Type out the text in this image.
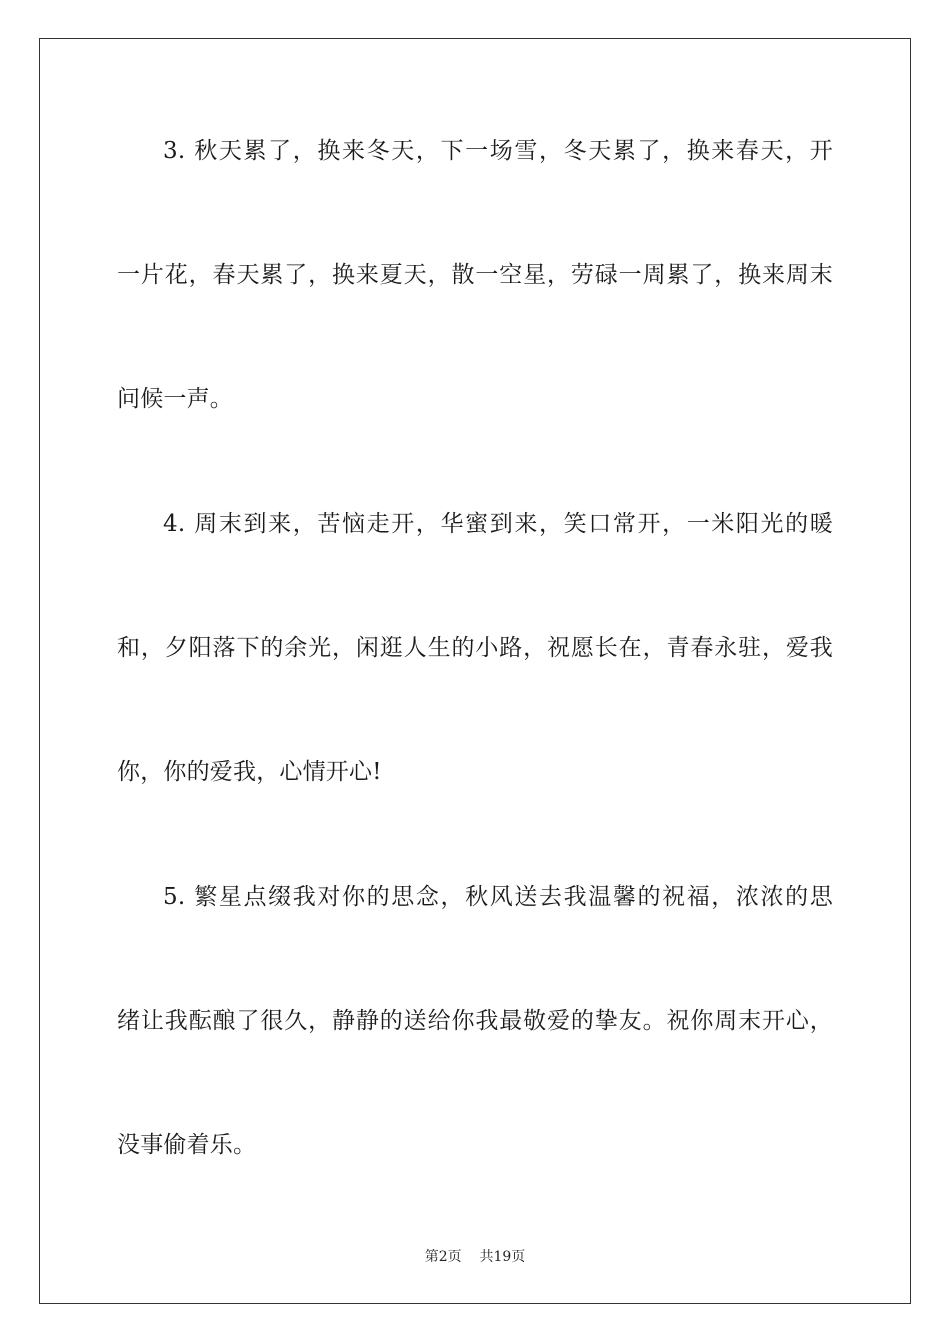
3. 秋天累了，换来冬天，下一场雪，冬天累了，换来春天，开
一片花，春天累了，换来夏天，散一空星，劳碌一周累了，换来周末
问候一声。
4. 周末到来，苦恼走开，华蜜到来，笑口常开，一米阳光的暖
和，夕阳落下的余光，闲逛人生的小路，祝愿长在，青春永驻，爱我
你，你的爱我，心情开心!
5. 繁星点缀我对你的思念，秋风送去我温馨的祝福，浓浓的思
绪让我酝酿了很久，静静的送给你我最敬爱的挚友。祝你周末开心，
没事偷着乐。
第2页    共19页
